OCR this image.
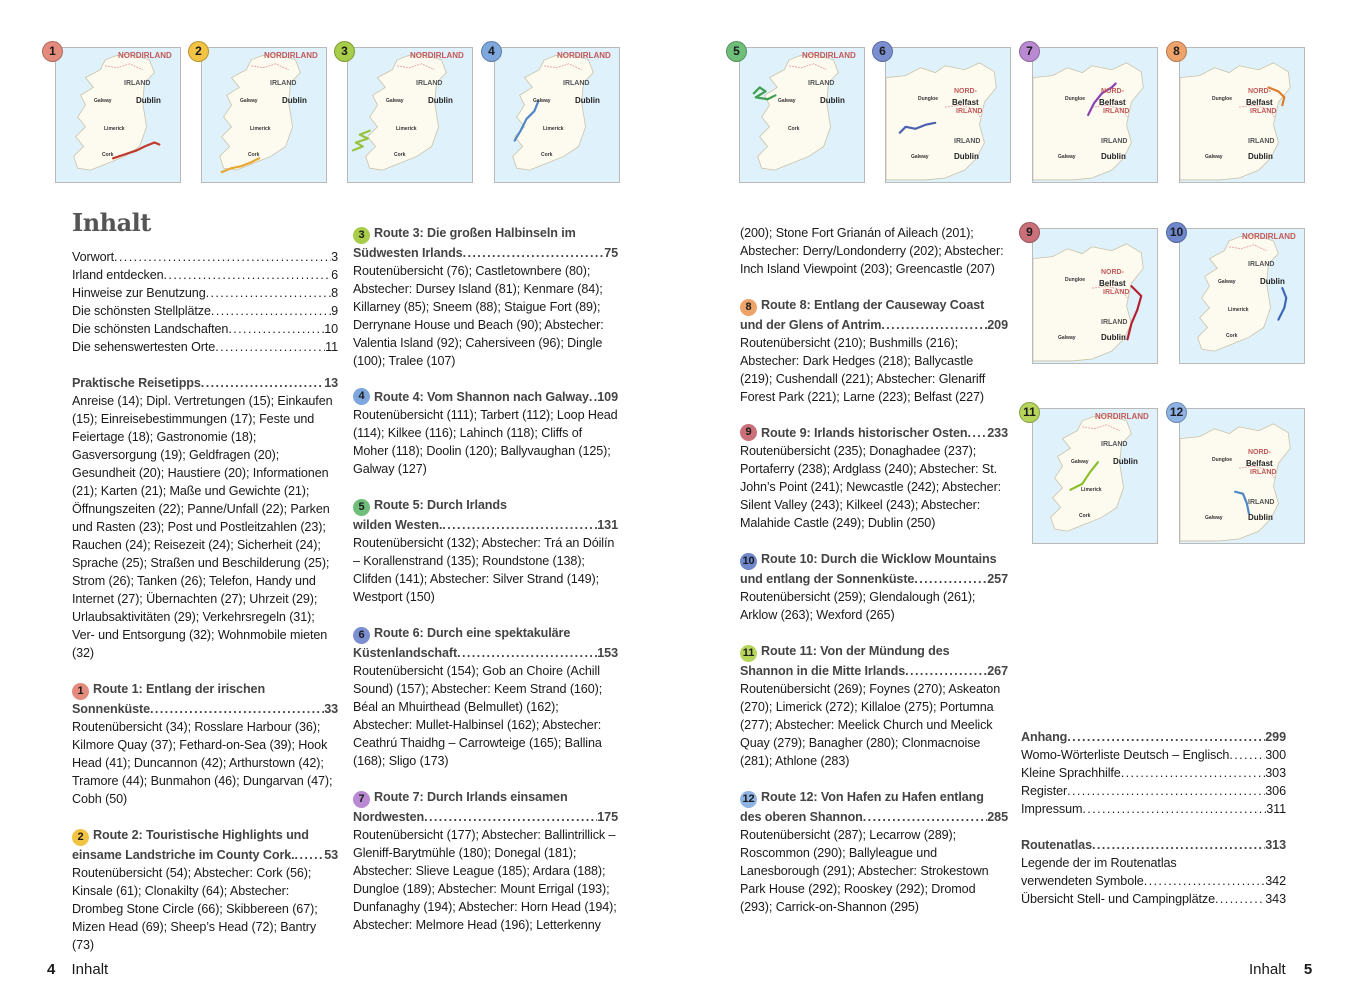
NORDIRLAND
IRLAND
Dublin
Galway
Limerick
Cork
NORDIRLAND
IRLAND
Dublin
Galway
Limerick
Cork
NORDIRLAND
IRLAND
Dublin
Galway
Limerick
Cork
NORDIRLAND
IRLAND
Dublin
Galway
Limerick
Cork
NORDIRLAND
IRLAND
Dublin
Galway
Cork
NORD-
Belfast
IRLAND
Dungloe
IRLAND
Galway	Dublin
NORD-
Belfast
IRLAND
Dungloe
IRLAND
Galway	Dublin
NORD-
Belfast
IRLAND
Dungloe
IRLAND
Galway	Dublin
NORD-
Belfast
IRLAND
Dungloe
IRLAND
Galway	Dublin
NORDIRLAND
IRLAND
Dublin
Galway
Limerick
Cork
NORDIRLAND
IRLAND
Dublin
Galway
Limerick
Cork
NORD-
Belfast
IRLAND
Dungloe
IRLAND
Galway	Dublin
Inhalt
Vorwort .....	3
Irland entdecken .....	6
Hinweise zur Benutzung .....	8
Die schönsten Stellplätze .....	9
Die schönsten Landschaften .....	10
Die sehenswertesten Orte .....	11
Praktische Reisetipps .....	13
Anreise (14); Dipl. Vertretungen (15); Einkaufen (15); Einreisebestimmungen (17); Feste und Feiertage (18); Gastronomie (18); Gasversorgung (19); Geldfragen (20); Gesundheit (20); Haustiere (20); Informationen (21); Karten (21); Maße und Gewichte (21); Öffnungszeiten (22); Panne/Unfall (22); Parken und Rasten (23); Post und Postleitzahlen (23); Rauchen (24); Reisezeit (24); Sicherheit (24); Sprache (25); Straßen und Beschilderung (25); Strom (26); Tanken (26); Telefon, Handy und Internet (27); Übernachten (27); Uhrzeit (29); Urlaubsaktivitäten (29); Verkehrsregeln (31); Ver- und Entsorgung (32); Wohnmobile mieten (32)
1 Route 1: Entlang der irischen
Sonnenküste .....	33
Routenübersicht (34); Rosslare Harbour (36); Kilmore Quay (37); Fethard-on-Sea (39); Hook Head (41); Duncannon (42); Arthurstown (42); Tramore (44); Bunmahon (46); Dungarvan (47); Cobh (50)
2 Route 2: Touristische Highlights und
einsame Landstriche im County Cork. ..... 53
Routenübersicht (54); Abstecher: Cork (56); Kinsale (61); Clonakilty (64); Abstecher: Drombeg Stone Circle (66); Skibbereen (67); Mizen Head (69); Sheep’s Head (72); Bantry (73)
3 Route 3: Die großen Halbinseln im
Südwesten Irlands .....	75
Routenübersicht (76); Castletownbere (80); Abstecher: Dursey Island (81); Kenmare (84); Killarney (85); Sneem (88); Staigue Fort (89); Derrynane House und Beach (90); Abstecher: Valentia Island (92); Cahersiveen (96); Dingle (100); Tralee (107)
4 Route 4: Vom Shannon nach Galway ..... 109
Routenübersicht (111); Tarbert (112); Loop Head (114); Kilkee (116); Lahinch (118); Cliffs of Moher (118); Doolin (120); Ballyvaughan (125); Galway (127)
5 Route 5: Durch Irlands
wilden Westen. .....	131
Routenübersicht (132); Abstecher: Trá an Dóilín – Korallenstrand (135); Roundstone (138); Clifden (141); Abstecher: Silver Strand (149); Westport (150)
6 Route 6: Durch eine spektakuläre
Küstenlandschaft .....	153
Routenübersicht (154); Gob an Choire (Achill Sound) (157); Abstecher: Keem Strand (160); Béal an Mhuirthead (Belmullet) (162); Abstecher: Mullet-Halbinsel (162); Abstecher: Ceathrú Thaidhg – Carrowteige (165); Ballina (168); Sligo (173)
7 Route 7: Durch Irlands einsamen
Nordwesten .....	175
Routenübersicht (177); Abstecher: Ballintrillick – Gleniff-Barytmühle (180); Donegal (181); Abstecher: Slieve League (185); Ardara (188); Dungloe (189); Abstecher: Mount Errigal (193); Dunfanaghy (194); Abstecher: Horn Head (194); Abstecher: Melmore Head (196); Letterkenny
(200); Stone Fort Grianán of Aileach (201); Abstecher: Derry/Londonderry (202); Abstecher: Inch Island Viewpoint (203); Greencastle (207)
8 Route 8: Entlang der Causeway Coast
und der Glens of Antrim .....	209
Routenübersicht (210); Bushmills (216); Abstecher: Dark Hedges (218); Ballycastle (219); Cushendall (221); Abstecher: Glenariff Forest Park (221); Larne (223); Belfast (227)
9 Route 9: Irlands historischer Osten ..... 233
Routenübersicht (235); Donaghadee (237); Portaferry (238); Ardglass (240); Abstecher: St. John’s Point (241); Newcastle (242); Abstecher: Silent Valley (243); Kilkeel (243); Abstecher: Malahide Castle (249); Dublin (250)
10 Route 10: Durch die Wicklow Mountains
und entlang der Sonnenküste .....	257
Routenübersicht (259); Glendalough (261); Arklow (263); Wexford (265)
11 Route 11: Von der Mündung des
Shannon in die Mitte Irlands .....	267
Routenübersicht (269); Foynes (270); Askeaton (270); Limerick (272); Killaloe (275); Portumna (277); Abstecher: Meelick Church und Meelick Quay (279); Banagher (280); Clonmacnoise (281); Athlone (283)
12 Route 12: Von Hafen zu Hafen entlang
des oberen Shannon .....	285
Routenübersicht (287); Lecarrow (289); Roscommon (290); Ballyleague und Lanesborough (291); Abstecher: Strokestown Park House (292); Rooskey (292); Dromod (293); Carrick-on-Shannon (295)
Anhang .....	299
Womo-Wörterliste Deutsch – Englisch .....	300
Kleine Sprachhilfe .....	303
Register .....	306
Impressum .....	311
Routenatlas .....	313
Legende der im Routenatlas
verwendeten Symbole .....	342
Übersicht Stell- und Campingplätze .....	343
4 Inhalt	Inhalt 5
1	2	3	4	5	6	7	8
9	10
11	12
